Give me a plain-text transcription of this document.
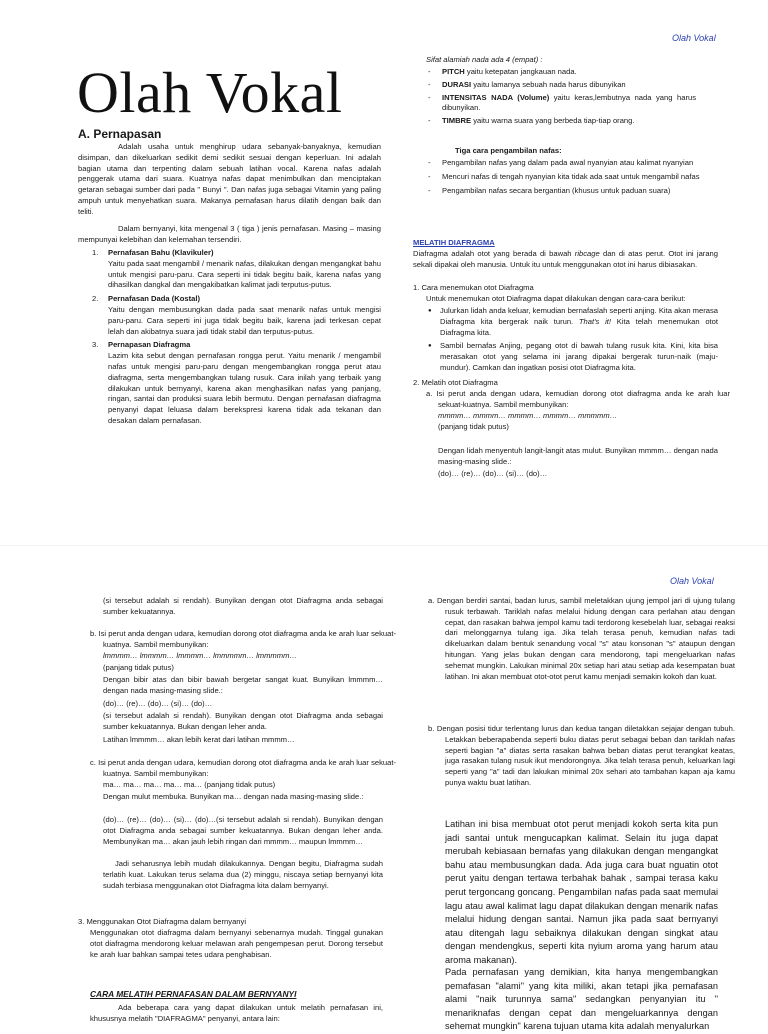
Olah Vokal
Olah Vokal
A. Pernapasan
Adalah usaha untuk menghirup udara sebanyak-banyaknya, kemudian disimpan, dan dikeluarkan sedikit demi sedikit sesuai dengan keperluan. Ini adalah bagian utama dan terpenting dalam sebuah latihan vocal. Karena nafas adalah penggerak utama dari suara. Kuatnya nafas dapat menimbulkan dan menciptakan getaran sebagai sumber dari pada " Bunyi ". Dan nafas juga sebagai Vitamin yang paling ampuh untuk menyehatkan suara. Makanya pernafasan harus dilatih dengan baik dan teliti.
Dalam bernyanyi, kita mengenal 3 ( tiga ) jenis pernafasan. Masing – masing mempunyai kelebihan dan kelemahan tersendiri.
1.	Pernafasan Bahu (Klavikuler)
Yaitu pada saat mengambil / menarik nafas, dilakukan dengan mengangkat bahu untuk mengisi paru-paru. Cara seperti ini tidak begitu baik, karena nafas yang dihasilkan dangkal dan mengakibatkan kalimat jadi terputus-putus.
2.	Pernafasan Dada (Kostal)
Yaitu dengan membusungkan dada pada saat menarik nafas untuk mengisi paru-paru. Cara seperti ini juga tidak begitu baik, karena jadi terkesan cepat lelah dan akibatnya suara jadi tidak stabil dan terputus-putus.
3.	Pernapasan Diafragma
Lazim kita sebut dengan pernafasan rongga perut. Yaitu menarik / mengambil nafas untuk mengisi paru-paru dengan mengembangkan rongga perut atau diafragma, serta mengembangkan tulang rusuk. Cara inilah yang terbaik yang dilakukan untuk bernyanyi, karena akan menghasilkan nafas yang panjang, ringan, santai dan produksi suara lebih bermutu. Dengan pernafasan diafragma penyanyi dapat leluasa dalam berekspresi karena tidak ada tekanan dan desakan dalam pernafasan.
Sifat alamiah nada ada 4 (empat) :
- PITCH yaitu ketepatan jangkauan nada.
- DURASI yaitu lamanya sebuah nada harus dibunyikan
- INTENSITAS NADA (Volume) yaitu keras,lembutnya nada yang harus dibunyikan.
- TIMBRE yaitu warna suara yang berbeda tiap-tiap orang.
Tiga cara pengambilan nafas:
- Pengambilan nafas yang dalam pada awal nyanyian atau kalimat nyanyian
- Mencuri nafas di tengah nyanyian kita tidak ada saat untuk mengambil nafas
- Pengambilan nafas secara bergantian (khusus untuk paduan suara)
MELATIH DIAFRAGMA
Diafragma adalah otot yang berada di bawah ribcage dan di atas perut. Otot ini jarang sekali dipakai oleh manusia. Untuk itu untuk menggunakan otot ini harus dibiasakan.
1. Cara menemukan otot Diafragma
Untuk menemukan otot Diafragma dapat dilakukan dengan cara-cara berikut:
● Julurkan lidah anda keluar, kemudian bernafaslah seperti anjing. Kita akan merasa Diafragma kita bergerak naik turun. That's it! Kita telah menemukan otot Diafragma kita.
● Sambil bernafas Anjing, pegang otot di bawah tulang rusuk kita. Kini, kita bisa merasakan otot yang selama ini jarang dipakai bergerak turun-naik (maju-mundur). Camkan dan ingatkan posisi otot Diafragma kita.
2. Melatih otot Diafragma
a. Isi perut anda dengan udara, kemudian dorong otot diafragma anda ke arah luar sekuat-kuatnya. Sambil membunyikan:
mmmm… mmmm… mmmm… mmmm… mmmmm…
(panjang tidak putus)
Dengan lidah menyentuh langit-langit atas mulut. Bunyikan mmmm… dengan nada masing-masing slide.:
(do)… (re)… (do)… (si)… (do)…
Olah Vokal
(si tersebut adalah si rendah). Bunyikan dengan otot Diafragma anda sebagai sumber kekuatannya.
b. Isi perut anda dengan udara, kemudian dorong otot diafragma anda ke arah luar sekuat-kuatnya. Sambil membunyikan:
lmmmm… lmmmm… lmmmm… lmmmmm… lmmmmm…
(panjang tidak putus)
Dengan bibir atas dan bibir bawah bergetar sangat kuat. Bunyikan lmmmm…dengan nada masing-masing slide.:
(do)… (re)… (do)… (si)… (do)…
(si tersebut adalah si rendah). Bunyikan dengan otot Diafragma anda sebagai sumber kekuatannya. Bukan dengan leher anda.
Latihan lmmmm… akan lebih kerat dari latihan mmmm…
c. Isi perut anda dengan udara, kemudian dorong otot diafragma anda ke arah luar sekuat-kuatnya. Sambil membunyikan:
ma… ma… ma… ma… ma… (panjang tidak putus)
Dengan mulut membuka. Bunyikan ma… dengan nada masing-masing slide.:
(do)… (re)… (do)… (si)… (do)…(si tersebut adalah si rendah). Bunyikan dengan otot Diafragma anda sebagai sumber kekuatannya. Bukan dengan leher anda. Membunyikan ma… akan jauh lebih ringan dari mmmm… maupun lmmmm…
Jadi seharusnya lebih mudah dilakukannya. Dengan begitu, Diafragma sudah terlatih kuat. Lakukan terus selama dua (2) minggu, niscaya setiap bernyanyi kita sudah terbiasa menggunakan otot Diafragma kita dalam bernyanyi.
3. Menggunakan Otot Diafragma dalam bernyanyi
Menggunakan otot diafragma dalam bernyanyi sebenarnya mudah. Tinggal gunakan otot diafragma mendorong keluar melawan arah pengempesan perut. Dorong tersebut ke arah luar bahkan sampai tetes udara penghabisan.
CARA MELATIH PERNAFASAN DALAM BERNYANYI
Ada beberapa cara yang dapat dilakukan untuk melatih pernafasan ini, khususnya melatih "DIAFRAGMA" penyanyi, antara lain:
a. Dengan berdiri santai, badan lurus, sambil meletakkan ujung jempol jari di ujung tulang rusuk terbawah. Tariklah nafas melalui hidung dengan cara perlahan atau dengan cepat, dan rasakan bahwa jempol kamu tadi terdorong kesebelah luar, sebagai reaksi dari melonggarnya tulang iga. Jika telah terasa penuh, kemudian nafas tadi dikeluarkan dalam bentuk senandung vocal "s" atau konsonan "s" ataupun dengan hitungan. Yang jelas bukan dengan cara mendorong, tapi mengeluarkan nafas sehemat mungkin. Lakukan minimal 20x setiap hari atau setiap ada kesempatan buat latihan. Ini akan membuat otot-otot perut kamu menjadi semakin kokoh dan kuat.
b. Dengan posisi tidur terlentang lurus dan kedua tangan diletakkan sejajar dengan tubuh. Letakkan beberapabenda seperti buku diatas perut sebagai beban dan tariklah nafas seperti bagian "a" diatas serta rasakan bahwa beban diatas perut terangkat keatas, juga rasakan tulang rusuk ikut mendorongnya. Jika telah terasa penuh, keluarkan lagi seperti yang "a" tadi dan lakukan minimal 20x sehari ato tambahan kapan aja kamu punya waktu buat latihan.
Latihan ini bisa membuat otot perut menjadi kokoh serta kita pun jadi santai untuk mengucapkan kalimat. Selain itu juga dapat merubah kebiasaan bernafas yang dilakukan dengan mengangkat bahu atau membusungkan dada. Ada juga cara buat nguatin otot perut yaitu dengan tertawa terbahak bahak , sampai terasa kaku perut tergoncang goncang. Pengambilan nafas pada saat memulai lagu atau awal kalimat lagu dapat dilakukan dengan menarik nafas melalui hidung dengan santai. Namun jika pada saat bernyanyi atau ditengah lagu sebaiknya dilakukan dengan singkat atau dengan mendengkus, seperti kita nyium aroma yang harum atau aroma makanan).
Pada pernafasan yang demikian, kita hanya mengembangkan pemafasan "alami" yang kita miliki, akan tetapi jika pemafasan alami "naik turunnya sama" sedangkan penyanyian itu " menariknafas dengan cepat dan mengeluarkannya dengan sehemat mungkin" karena tujuan utama kita adalah menyalurkan
